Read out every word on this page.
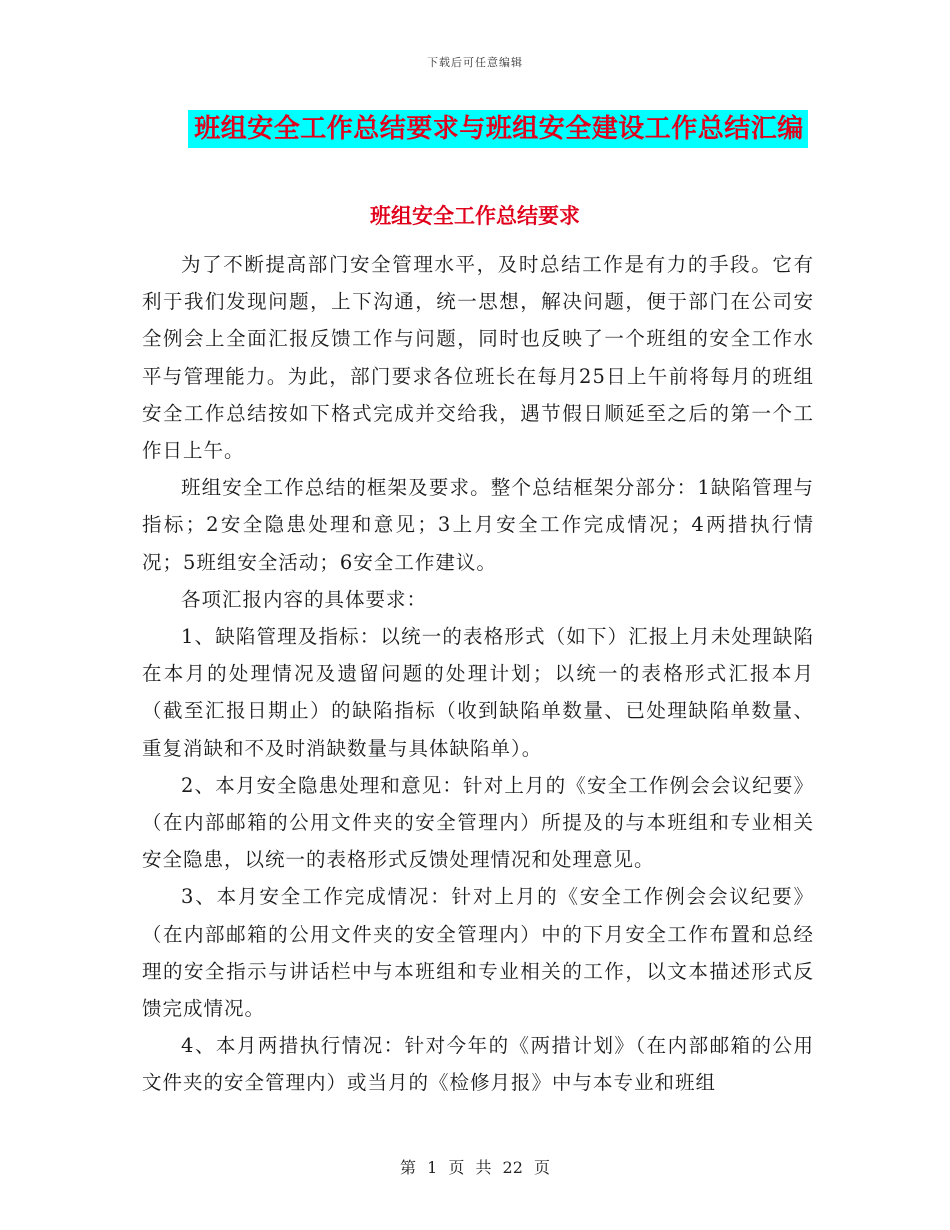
下载后可任意编辑
班组安全工作总结要求与班组安全建设工作总结汇编
班组安全工作总结要求

为了不断提高部门安全管理水平，及时总结工作是有力的手段。它有利于我们发现问题，上下沟通，统一思想，解决问题，便于部门在公司安全例会上全面汇报反馈工作与问题，同时也反映了一个班组的安全工作水平与管理能力。为此，部门要求各位班长在每月25日上午前将每月的班组安全工作总结按如下格式完成并交给我，遇节假日顺延至之后的第一个工作日上午。

班组安全工作总结的框架及要求。整个总结框架分部分：1缺陷管理与指标；2安全隐患处理和意见；3上月安全工作完成情况；4两措执行情况；5班组安全活动；6安全工作建议。

各项汇报内容的具体要求：

1、缺陷管理及指标：以统一的表格形式（如下）汇报上月未处理缺陷在本月的处理情况及遗留问题的处理计划；以统一的表格形式汇报本月（截至汇报日期止）的缺陷指标（收到缺陷单数量、已处理缺陷单数量、重复消缺和不及时消缺数量与具体缺陷单）。

2、本月安全隐患处理和意见：针对上月的《安全工作例会会议纪要》（在内部邮箱的公用文件夹的安全管理内）所提及的与本班组和专业相关安全隐患，以统一的表格形式反馈处理情况和处理意见。

3、本月安全工作完成情况：针对上月的《安全工作例会会议纪要》（在内部邮箱的公用文件夹的安全管理内）中的下月安全工作布置和总经理的安全指示与讲话栏中与本班组和专业相关的工作，以文本描述形式反馈完成情况。

4、本月两措执行情况：针对今年的《两措计划》（在内部邮箱的公用文件夹的安全管理内）或当月的《检修月报》中与本专业和班组

第 1 页 共 22 页
